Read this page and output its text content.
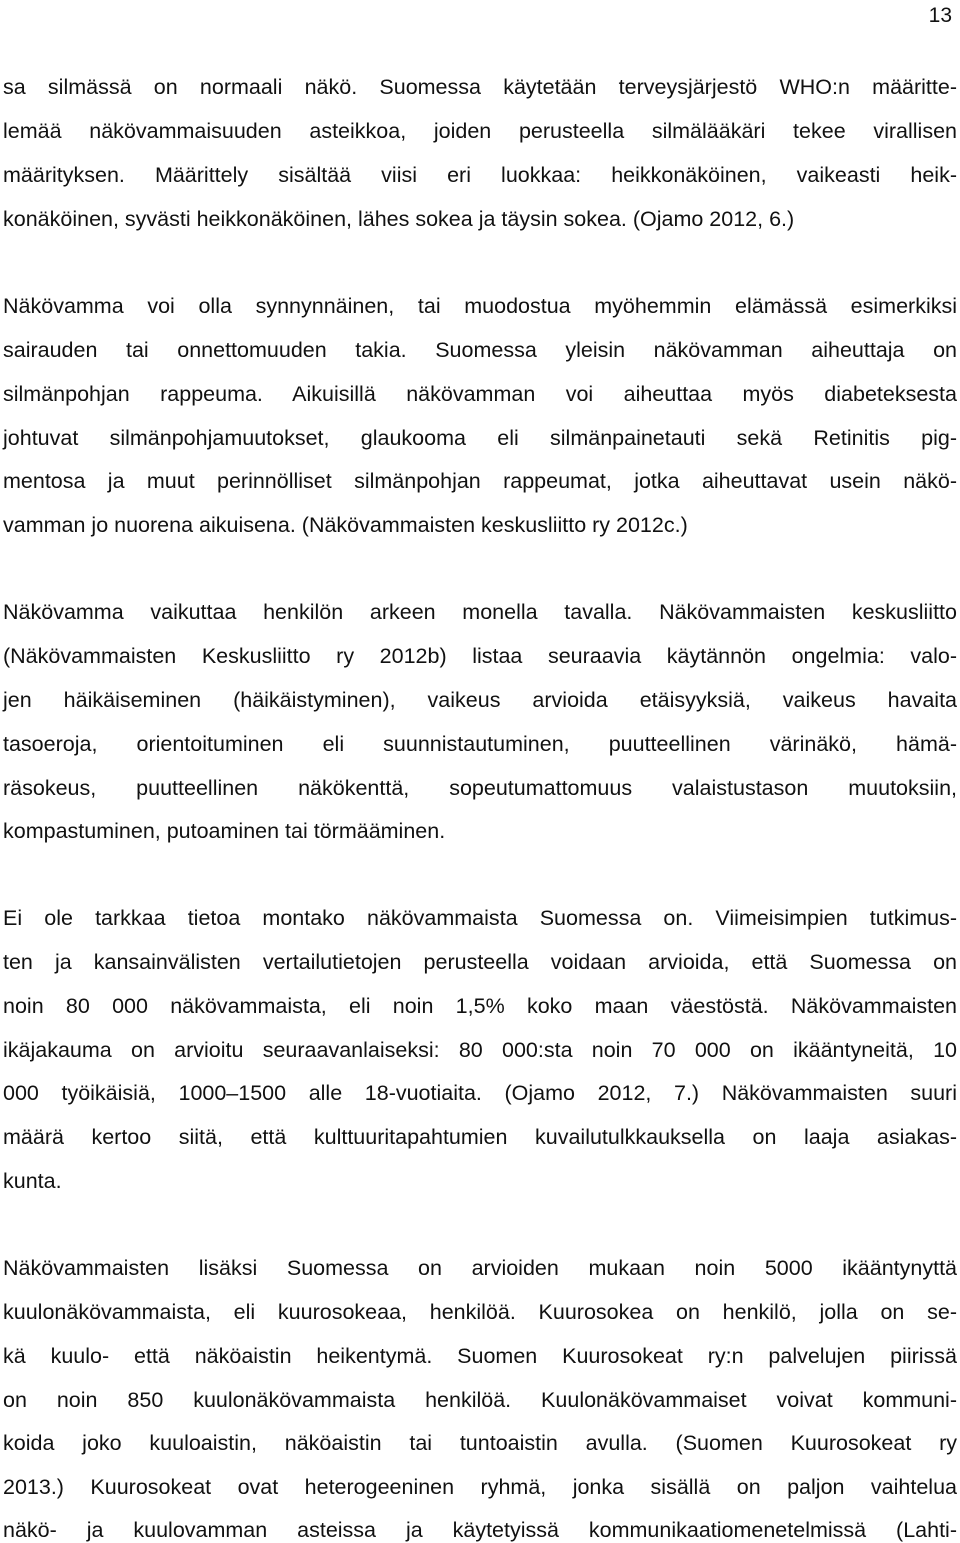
13
sa silmässä on normaali näkö. Suomessa käytetään terveysjärjestö WHO:n määritte-
lemää näkövammaisuuden asteikkoa, joiden perusteella silmälääkäri tekee virallisen
määrityksen. Määrittely sisältää viisi eri luokkaa: heikkonäköinen, vaikeasti heik-
konäköinen, syvästi heikkonäköinen, lähes sokea ja täysin sokea. (Ojamo 2012, 6.)
Näkövamma voi olla synnynnäinen, tai muodostua myöhemmin elämässä esimerkiksi
sairauden tai onnettomuuden takia. Suomessa yleisin näkövamman aiheuttaja on
silmänpohjan rappeuma. Aikuisillä näkövamman voi aiheuttaa myös diabeteksesta
johtuvat silmänpohjamuutokset, glaukooma eli silmänpainetauti sekä Retinitis pig-
mentosa ja muut perinnölliset silmänpohjan rappeumat, jotka aiheuttavat usein näkö-
vamman jo nuorena aikuisena. (Näkövammaisten keskusliitto ry 2012c.)
Näkövamma vaikuttaa henkilön arkeen monella tavalla. Näkövammaisten keskusliitto
(Näkövammaisten Keskusliitto ry 2012b) listaa seuraavia käytännön ongelmia: valo-
jen häikäiseminen (häikäistyminen), vaikeus arvioida etäisyyksiä, vaikeus havaita
tasoeroja, orientoituminen eli suunnistautuminen, puutteellinen värinäkö, hämä-
räsokeus, puutteellinen näkökenttä, sopeutumattomuus valaistustason muutoksiin,
kompastuminen, putoaminen tai törmääminen.
Ei ole tarkkaa tietoa montako näkövammaista Suomessa on. Viimeisimpien tutkimus-
ten ja kansainvälisten vertailutietojen perusteella voidaan arvioida, että Suomessa on
noin 80 000 näkövammaista, eli noin 1,5% koko maan väestöstä. Näkövammaisten
ikäjakauma on arvioitu seuraavanlaiseksi: 80 000:sta noin 70 000 on ikääntyneitä, 10
000 työikäisiä, 1000–1500 alle 18-vuotiaita. (Ojamo 2012, 7.) Näkövammaisten suuri
määrä kertoo siitä, että kulttuuritapahtumien kuvailutulkkauksella on laaja asiakas-
kunta.
Näkövammaisten lisäksi Suomessa on arvioiden mukaan noin 5000 ikääntynyttä
kuulonäkövammaista, eli kuurosokeaa, henkilöä. Kuurosokea on henkilö, jolla on se-
kä kuulo- että näköaistin heikentymä. Suomen Kuurosokeat ry:n palvelujen piirissä
on noin 850 kuulonäkövammaista henkilöä. Kuulonäkövammaiset voivat kommuni-
koida joko kuuloaistin, näköaistin tai tuntoaistin avulla. (Suomen Kuurosokeat ry
2013.) Kuurosokeat ovat heterogeeninen ryhmä, jonka sisällä on paljon vaihtelua
näkö- ja kuulovamman asteissa ja käytetyissä kommunikaatiomenetelmissä (Lahti-
